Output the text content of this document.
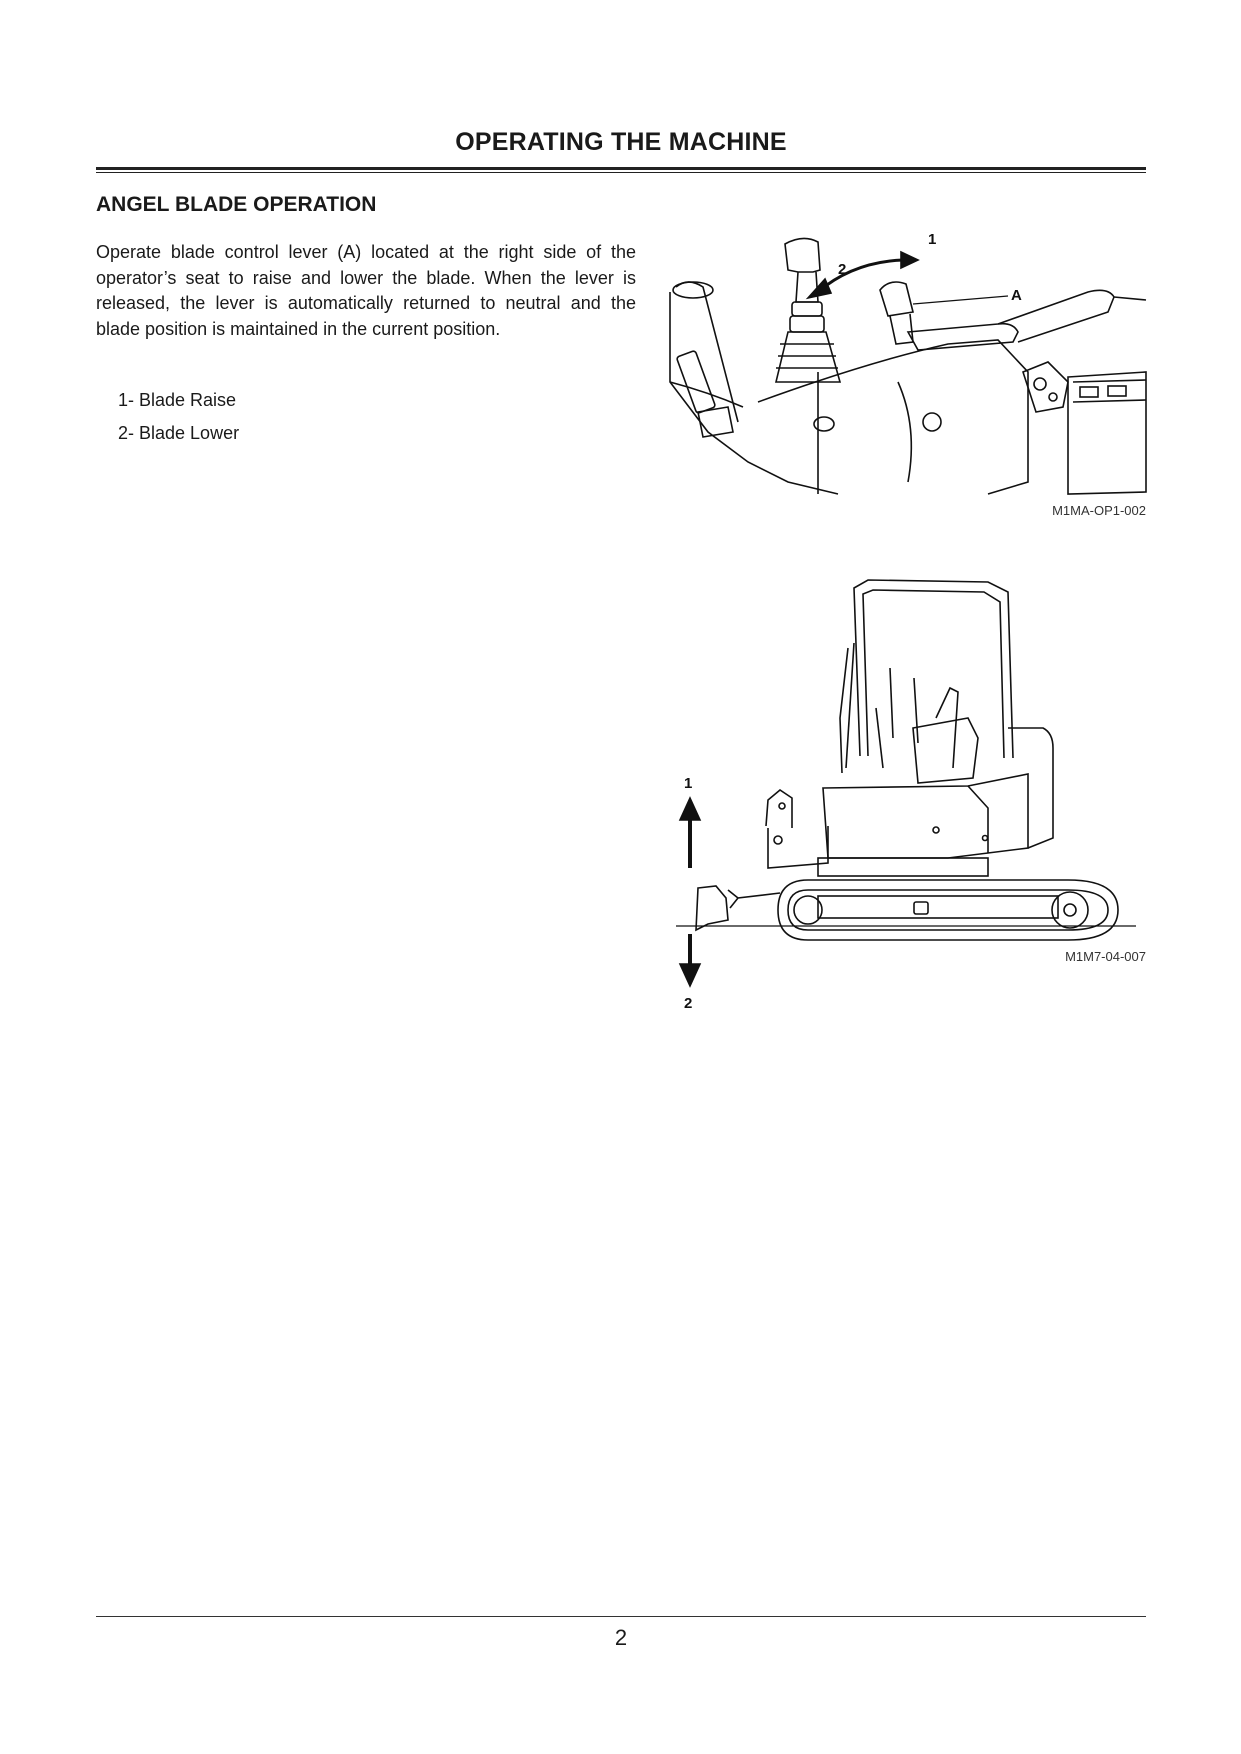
OPERATING THE MACHINE
ANGEL BLADE OPERATION
Operate blade control lever (A) located at the right side of the operator’s seat to raise and lower the blade. When the lever is released, the lever is automatically returned to neutral and the blade position is maintained in the current position.
1- Blade Raise
2- Blade Lower
1
2
A
M1MA-OP1-002
1
2
M1M7-04-007
2
